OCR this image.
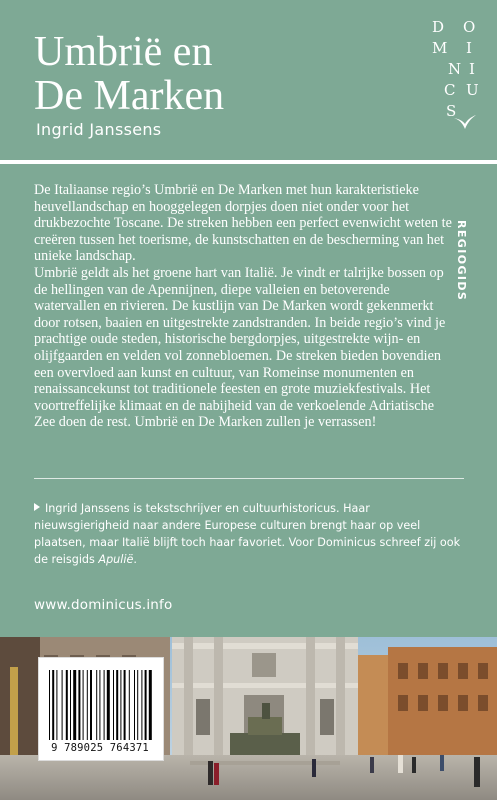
Umbrië en
De Marken
Ingrid Janssens
D O
M I
N I
C U
S
REGIOGIDS

De Italiaanse regio’s Umbrië en De Marken met hun karakteristieke heuvellandschap en hooggelegen dorpjes doen niet onder voor het drukbezochte Toscane. De streken hebben een perfect evenwicht weten te creëren tussen het toerisme, de kunstschatten en de bescherming van het unieke landschap.
Umbrië geldt als het groene hart van Italië. Je vindt er talrijke bossen op de hellingen van de Apennijnen, diepe valleien en betoverende watervallen en rivieren. De kustlijn van De Marken wordt gekenmerkt door rotsen, baaien en uitgestrekte zandstranden. In beide regio’s vind je prachtige oude steden, historische bergdorpjes, uitgestrekte wijn- en olijfgaarden en velden vol zonnebloemen. De streken bieden bovendien een overvloed aan kunst en cultuur, van Romeinse monumenten en renaissancekunst tot traditionele feesten en grote muziekfestivals. Het voortreffelijke klimaat en de nabijheid van de verkoelende Adriatische Zee doen de rest. Umbrië en De Marken zullen je verrassen!

Ingrid Janssens is tekstschrijver en cultuurhistoricus. Haar nieuwsgierigheid naar andere Europese culturen brengt haar op veel plaatsen, maar Italië blijft toch haar favoriet. Voor Dominicus schreef zij ook de reisgids Apulië.

www.dominicus.info
9 789025 764371
